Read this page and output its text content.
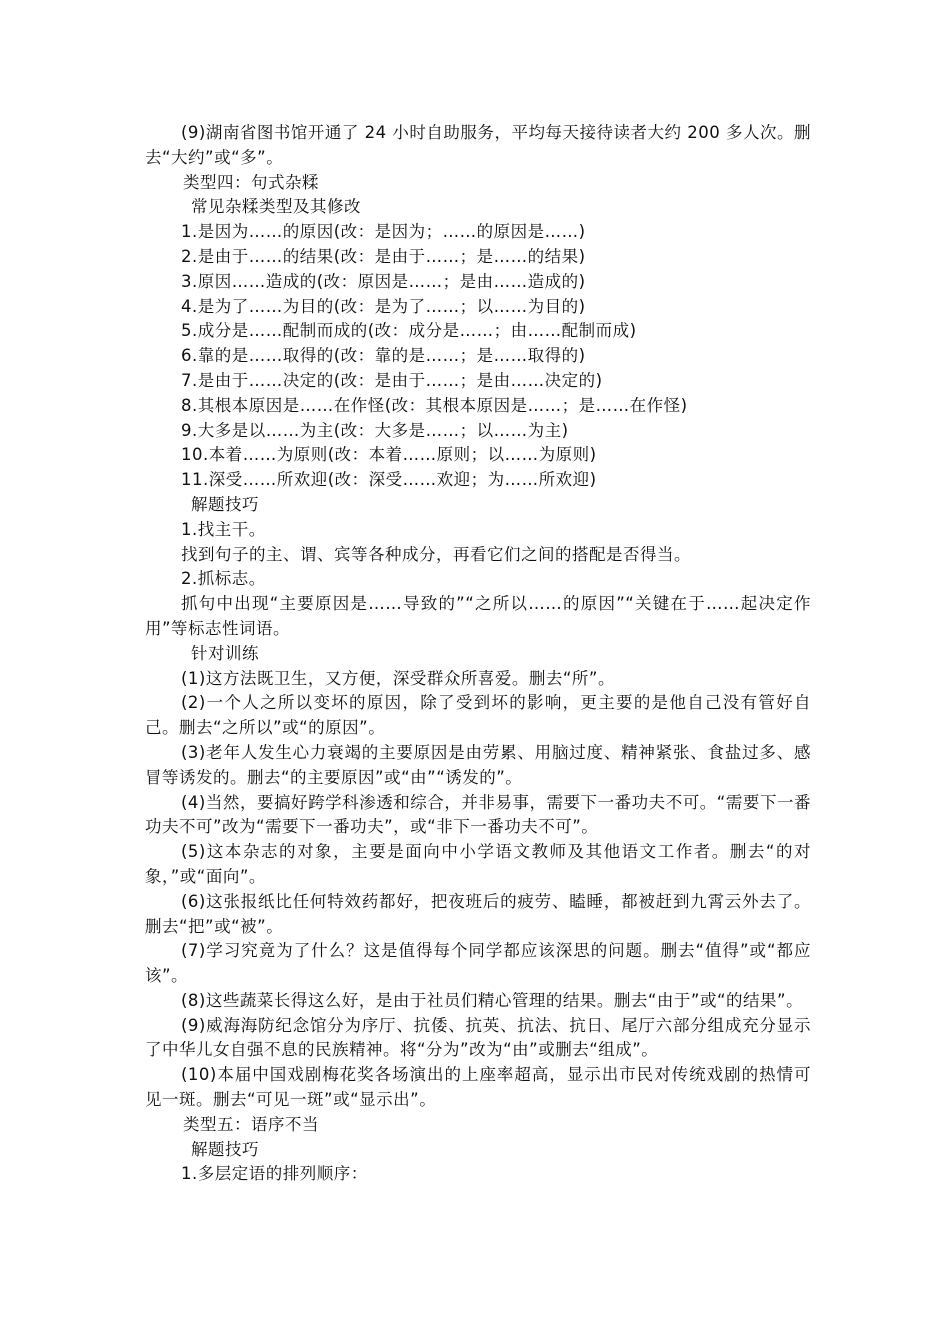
(9)湖南省图书馆开通了 24 小时自助服务，平均每天接待读者大约 200 多人次。删去“大约”或“多”。

类型四：句式杂糅

常见杂糅类型及其修改

1.是因为……的原因(改：是因为；……的原因是……)

2.是由于……的结果(改：是由于……；是……的结果)

3.原因……造成的(改：原因是……；是由……造成的)

4.是为了……为目的(改：是为了……；以……为目的)

5.成分是……配制而成的(改：成分是……；由……配制而成)

6.靠的是……取得的(改：靠的是……；是……取得的)

7.是由于……决定的(改：是由于……；是由……决定的)

8.其根本原因是……在作怪(改：其根本原因是……；是……在作怪)

9.大多是以……为主(改：大多是……；以……为主)

10.本着……为原则(改：本着……原则；以……为原则)

11.深受……所欢迎(改：深受……欢迎；为……所欢迎)

解题技巧

1.找主干。

找到句子的主、谓、宾等各种成分，再看它们之间的搭配是否得当。

2.抓标志。

抓句中出现“主要原因是……导致的”“之所以……的原因”“关键在于……起决定作用”等标志性词语。

针对训练

(1)这方法既卫生，又方便，深受群众所喜爱。删去“所”。

(2)一个人之所以变坏的原因，除了受到坏的影响，更主要的是他自己没有管好自己。删去“之所以”或“的原因”。

(3)老年人发生心力衰竭的主要原因是由劳累、用脑过度、精神紧张、食盐过多、感冒等诱发的。删去“的主要原因”或“由”“诱发的”。

(4)当然，要搞好跨学科渗透和综合，并非易事，需要下一番功夫不可。“需要下一番功夫不可”改为“需要下一番功夫”，或“非下一番功夫不可”。

(5)这本杂志的对象，主要是面向中小学语文教师及其他语文工作者。删去“的对象，”或“面向”。

(6)这张报纸比任何特效药都好，把夜班后的疲劳、瞌睡，都被赶到九霄云外去了。删去“把”或“被”。

(7)学习究竟为了什么？这是值得每个同学都应该深思的问题。删去“值得”或“都应该”。

(8)这些蔬菜长得这么好，是由于社员们精心管理的结果。删去“由于”或“的结果”。

(9)威海海防纪念馆分为序厅、抗倭、抗英、抗法、抗日、尾厅六部分组成充分显示了中华儿女自强不息的民族精神。将“分为”改为“由”或删去“组成”。

(10)本届中国戏剧梅花奖各场演出的上座率超高，显示出市民对传统戏剧的热情可见一斑。删去“可见一斑”或“显示出”。

类型五：语序不当

解题技巧

1.多层定语的排列顺序：
